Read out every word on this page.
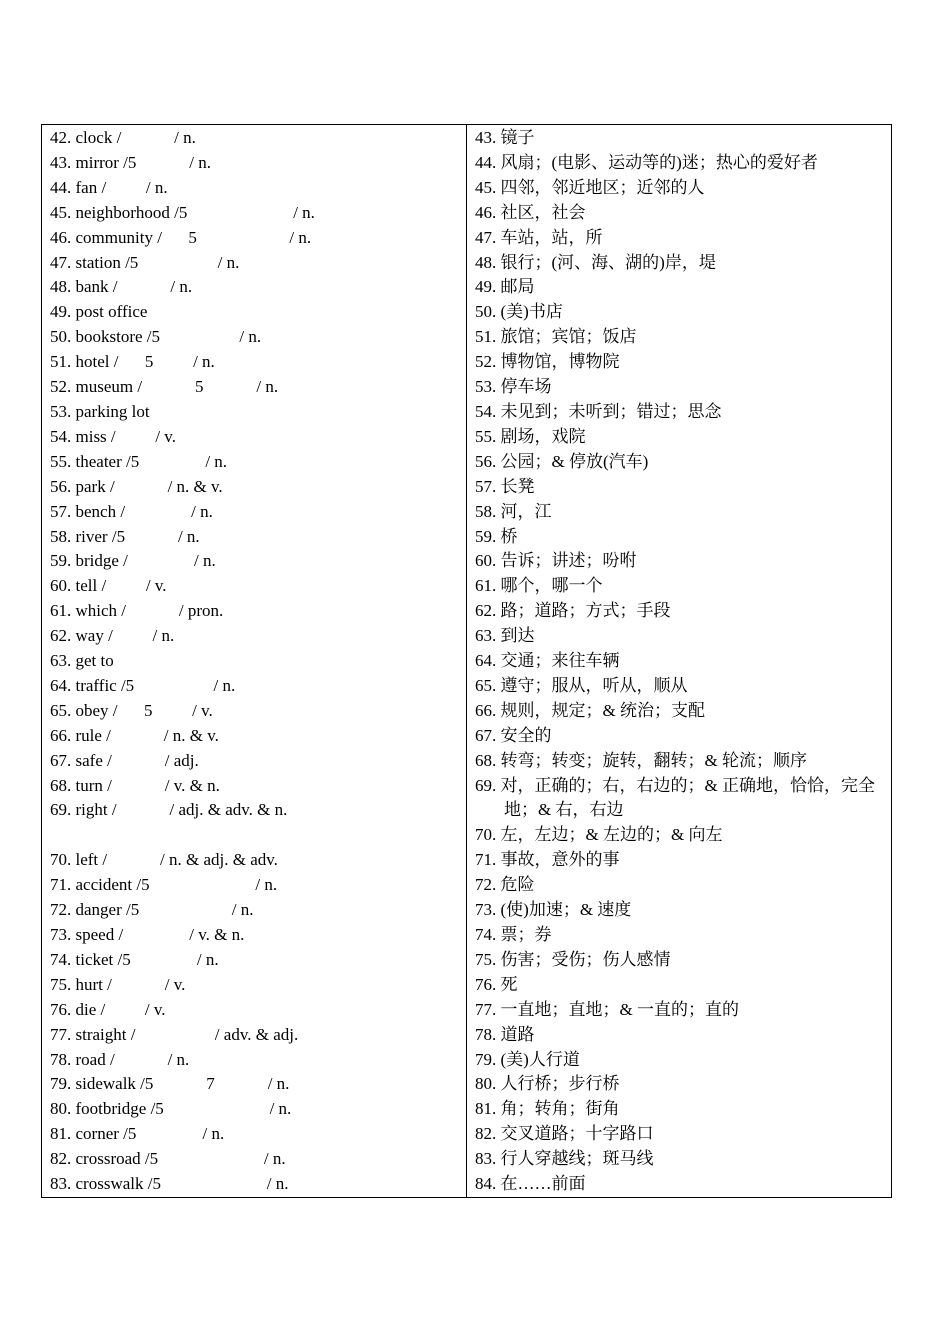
42. clock /    / n.
43. mirror /5    / n.
44. fan /   / n.
45. neighborhood /5        / n.
46. community /  5       / n.
47. station /5      / n.
48. bank /    / n.
49. post office
50. bookstore /5      / n.
51. hotel /  5   / n.
52. museum /    5    / n.
53. parking lot
54. miss /   / v.
55. theater /5     / n.
56. park /    / n. & v.
57. bench /     / n.
58. river /5    / n.
59. bridge /     / n.
60. tell /   / v.
61. which /    / pron.
62. way /   / n.
63. get to
64. traffic /5      / n.
65. obey /  5   / v.
66. rule /    / n. & v.
67. safe /    / adj.
68. turn /    / v. & n.
69. right /    / adj. & adv. & n.
70. left /    / n. & adj. & adv.
71. accident /5        / n.
72. danger /5       / n.
73. speed /     / v. & n.
74. ticket /5     / n.
75. hurt /    / v.
76. die /   / v.
77. straight /      / adv. & adj.
78. road /    / n.
79. sidewalk /5    7    / n.
80. footbridge /5        / n.
81. corner /5     / n.
82. crossroad /5        / n.
83. crosswalk /5        / n.
43. 镜子
44. 风扇；(电影、运动等的)迷；热心的爱好者
45. 四邻，邻近地区；近邻的人
46. 社区，社会
47. 车站，站，所
48. 银行；(河、海、湖的)岸，堤
49. 邮局
50. (美)书店
51. 旅馆；宾馆；饭店
52. 博物馆，博物院
53. 停车场
54. 未见到；未听到；错过；思念
55. 剧场，戏院
56. 公园；& 停放(汽车)
57. 长凳
58. 河，江
59. 桥
60. 告诉；讲述；吩咐
61. 哪个，哪一个
62. 路；道路；方式；手段
63. 到达
64. 交通；来往车辆
65. 遵守；服从，听从，顺从
66. 规则，规定；& 统治；支配
67. 安全的
68. 转弯；转变；旋转，翻转；& 轮流；顺序
69. 对，正确的；右，右边的；& 正确地，恰恰，完全地；& 右，右边
70. 左，左边；& 左边的；& 向左
71. 事故，意外的事
72. 危险
73. (使)加速；& 速度
74. 票；券
75. 伤害；受伤；伤人感情
76. 死
77. 一直地；直地；& 一直的；直的
78. 道路
79. (美)人行道
80. 人行桥；步行桥
81. 角；转角；街角
82. 交叉道路；十字路口
83. 行人穿越线；斑马线
84. 在……前面
